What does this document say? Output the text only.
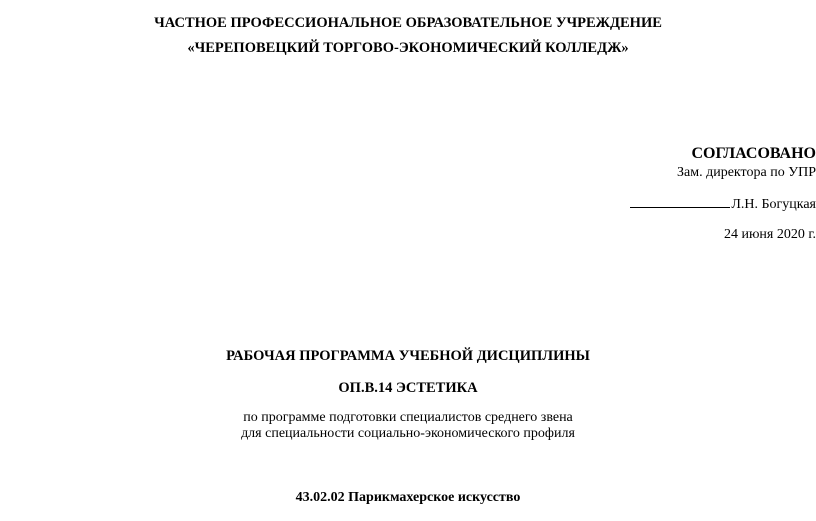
ЧАСТНОЕ ПРОФЕССИОНАЛЬНОЕ ОБРАЗОВАТЕЛЬНОЕ УЧРЕЖДЕНИЕ
«ЧЕРЕПОВЕЦКИЙ ТОРГОВО-ЭКОНОМИЧЕСКИЙ КОЛЛЕДЖ»
СОГЛАСОВАНО
Зам. директора по УПР
Л.Н. Богуцкая
24 июня 2020 г.
РАБОЧАЯ ПРОГРАММА УЧЕБНОЙ ДИСЦИПЛИНЫ
ОП.В.14 ЭСТЕТИКА
по программе подготовки специалистов среднего звена
для специальности социально-экономического профиля
43.02.02 Парикмахерское искусство
